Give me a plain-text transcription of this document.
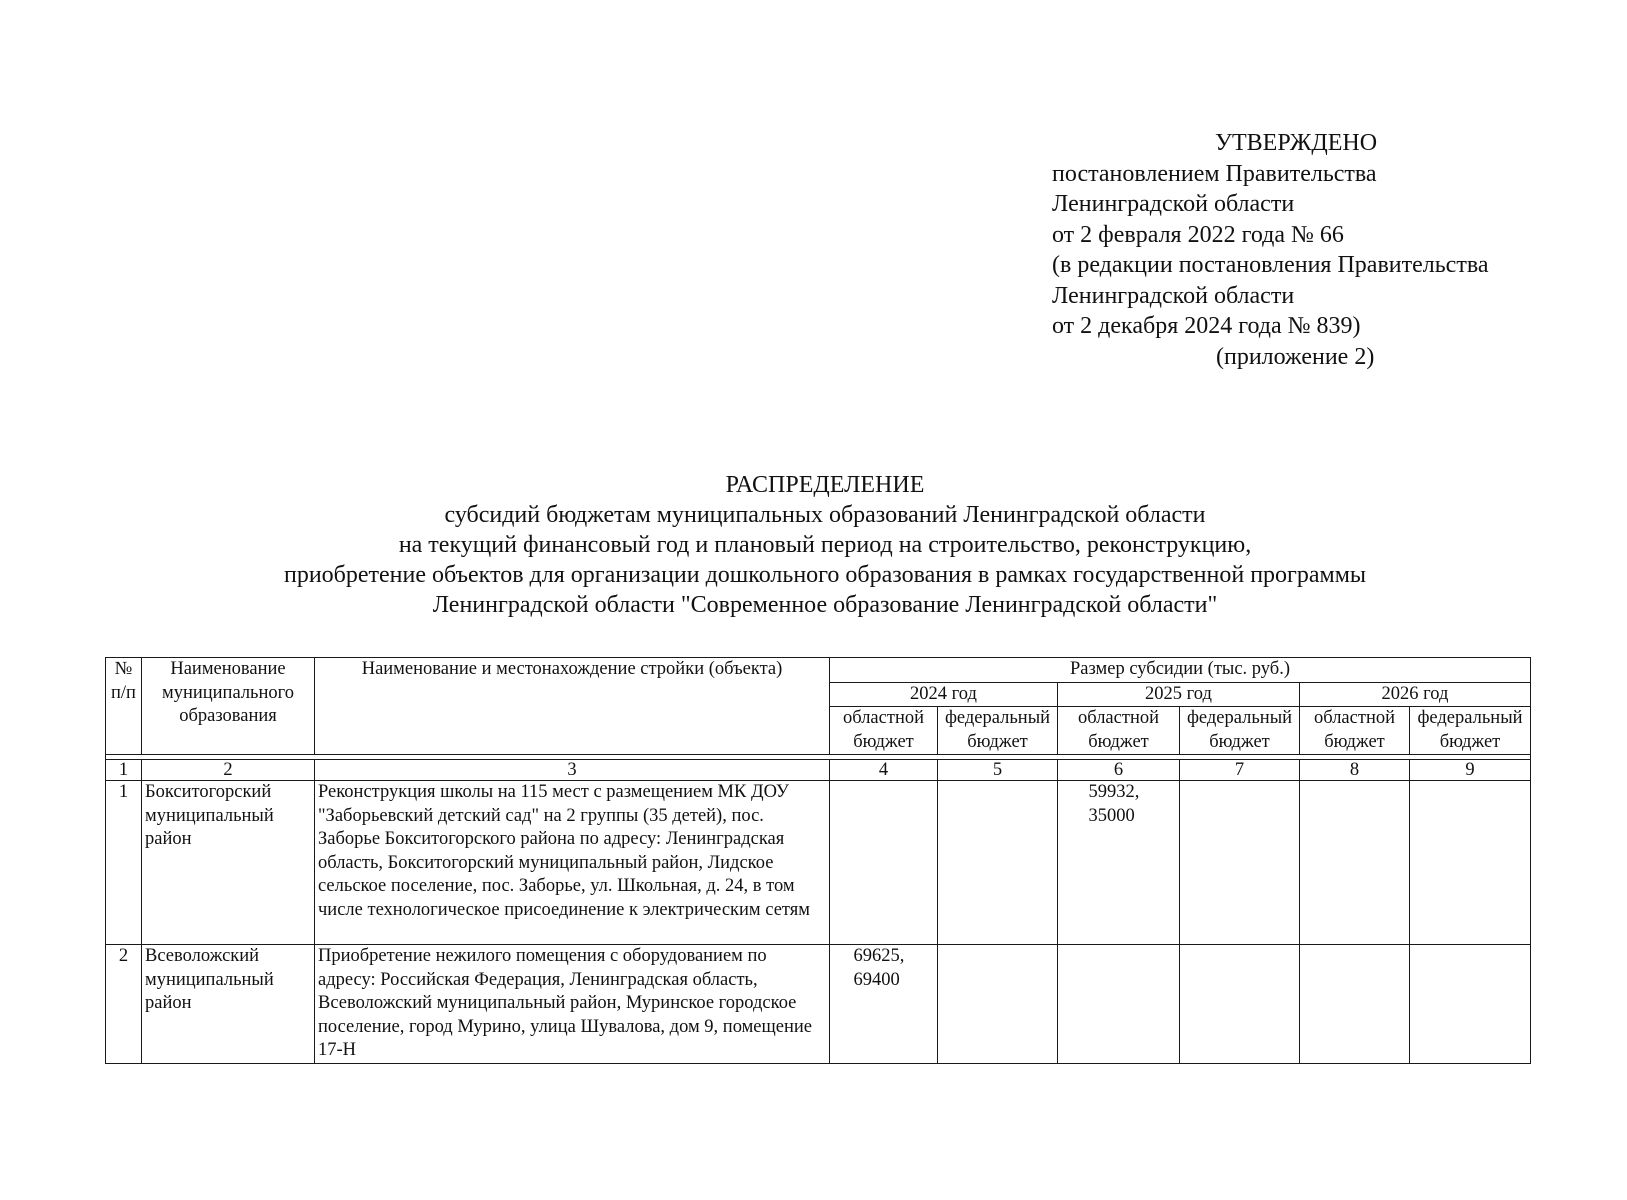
УТВЕРЖДЕНО
постановлением Правительства
Ленинградской области
от 2 февраля 2022 года № 66
(в редакции постановления Правительства
Ленинградской области
от 2 декабря 2024 года № 839)
(приложение 2)
РАСПРЕДЕЛЕНИЕ
субсидий бюджетам муниципальных образований Ленинградской области
на текущий финансовый год и плановый период на строительство, реконструкцию,
приобретение объектов для организации дошкольного образования в рамках государственной программы
Ленинградской области "Современное образование Ленинградской области"
№ п/п	Наименование муниципального образования	Наименование и местонахождение стройки (объекта)	Размер субсидии (тыс. руб.)					
			2024 год		2025 год		2026 год	
			областной бюджет	федеральный бюджет	областной бюджет	федеральный бюджет	областной бюджет	федеральный бюджет

1	2	3	4	5	6	7	8	9
1	Бокситогорский муниципальный район	Реконструкция школы на 115 мест с размещением МК ДОУ "Заборьевский детский сад" на 2 группы (35 детей), пос. Заборье Бокситогорского района по адресу: Ленинградская область, Бокситогорский муниципальный район, Лидское сельское поселение, пос. Заборье, ул. Школьная, д. 24, в том числе технологическое присоединение к электрическим сетям			59932, 35000			
2	Всеволожский муниципальный район	Приобретение нежилого помещения с оборудованием по адресу: Российская Федерация, Ленинградская область, Всеволожский муниципальный район, Муринское городское поселение, город Мурино, улица Шувалова, дом 9, помещение 17-Н	69625, 69400					
